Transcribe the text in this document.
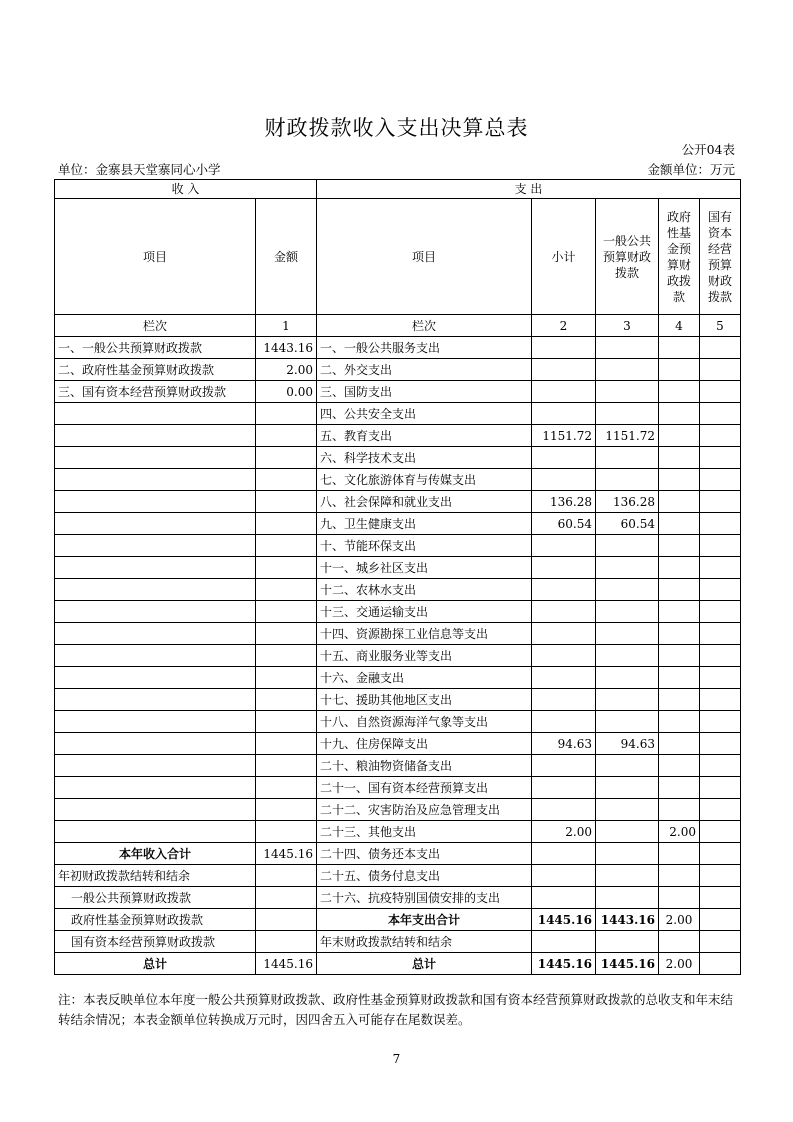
财政拨款收入支出决算总表
公开04表
单位：金寨县天堂寨同心小学	金额单位：万元
收 入		支 出				
项目	金额	项目	小计	一般公共预算财政拨款	政府性基金预算财政拨款	国有资本经营预算财政拨款

栏次	1	栏次	2	3	4	5
一、一般公共预算财政拨款	1443.16	一、一般公共服务支出				
二、政府性基金预算财政拨款	2.00	二、外交支出				
三、国有资本经营预算财政拨款	0.00	三、国防支出				
		四、公共安全支出				
		五、教育支出	1151.72	1151.72		
		六、科学技术支出				
		七、文化旅游体育与传媒支出				
		八、社会保障和就业支出	136.28	136.28		
		九、卫生健康支出	60.54	60.54		
		十、节能环保支出				
		十一、城乡社区支出				
		十二、农林水支出				
		十三、交通运输支出				
		十四、资源勘探工业信息等支出				
		十五、商业服务业等支出				
		十六、金融支出				
		十七、援助其他地区支出				
		十八、自然资源海洋气象等支出				
		十九、住房保障支出	94.63	94.63		
		二十、粮油物资储备支出				
		二十一、国有资本经营预算支出				
		二十二、灾害防治及应急管理支出				
		二十三、其他支出	2.00		2.00	
本年收入合计	1445.16	二十四、债务还本支出				
年初财政拨款结转和结余		二十五、债务付息支出				
一般公共预算财政拨款		二十六、抗疫特别国债安排的支出				
政府性基金预算财政拨款		本年支出合计	1445.16	1443.16	2.00	
国有资本经营预算财政拨款		年末财政拨款结转和结余				
总计	1445.16	总计	1445.16	1445.16	2.00	
注：本表反映单位本年度一般公共预算财政拨款、政府性基金预算财政拨款和国有资本经营预算财政拨款的总收支和年末结转结余情况；本表金额单位转换成万元时，因四舍五入可能存在尾数误差。
7
